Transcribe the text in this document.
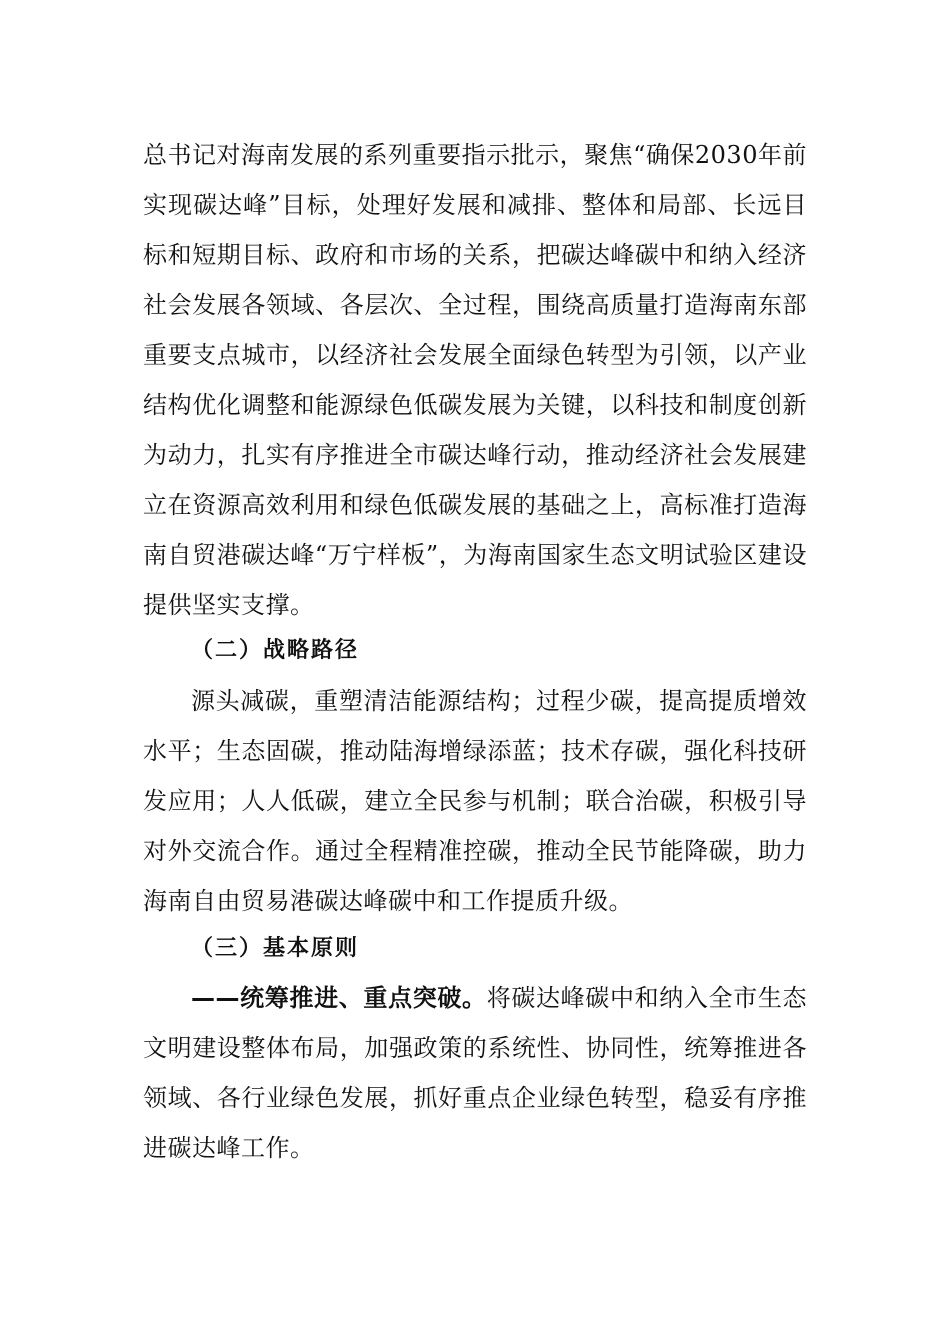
总书记对海南发展的系列重要指示批示，聚焦“确保2030年前实现碳达峰”目标，处理好发展和减排、整体和局部、长远目标和短期目标、政府和市场的关系，把碳达峰碳中和纳入经济社会发展各领域、各层次、全过程，围绕高质量打造海南东部重要支点城市，以经济社会发展全面绿色转型为引领，以产业结构优化调整和能源绿色低碳发展为关键，以科技和制度创新为动力，扎实有序推进全市碳达峰行动，推动经济社会发展建立在资源高效利用和绿色低碳发展的基础之上，高标准打造海南自贸港碳达峰“万宁样板”，为海南国家生态文明试验区建设提供坚实支撑。

（二）战略路径

源头减碳，重塑清洁能源结构；过程少碳，提高提质增效水平；生态固碳，推动陆海增绿添蓝；技术存碳，强化科技研发应用；人人低碳，建立全民参与机制；联合治碳，积极引导对外交流合作。通过全程精准控碳，推动全民节能降碳，助力海南自由贸易港碳达峰碳中和工作提质升级。

（三）基本原则

——统筹推进、重点突破。将碳达峰碳中和纳入全市生态文明建设整体布局，加强政策的系统性、协同性，统筹推进各领域、各行业绿色发展，抓好重点企业绿色转型，稳妥有序推进碳达峰工作。
